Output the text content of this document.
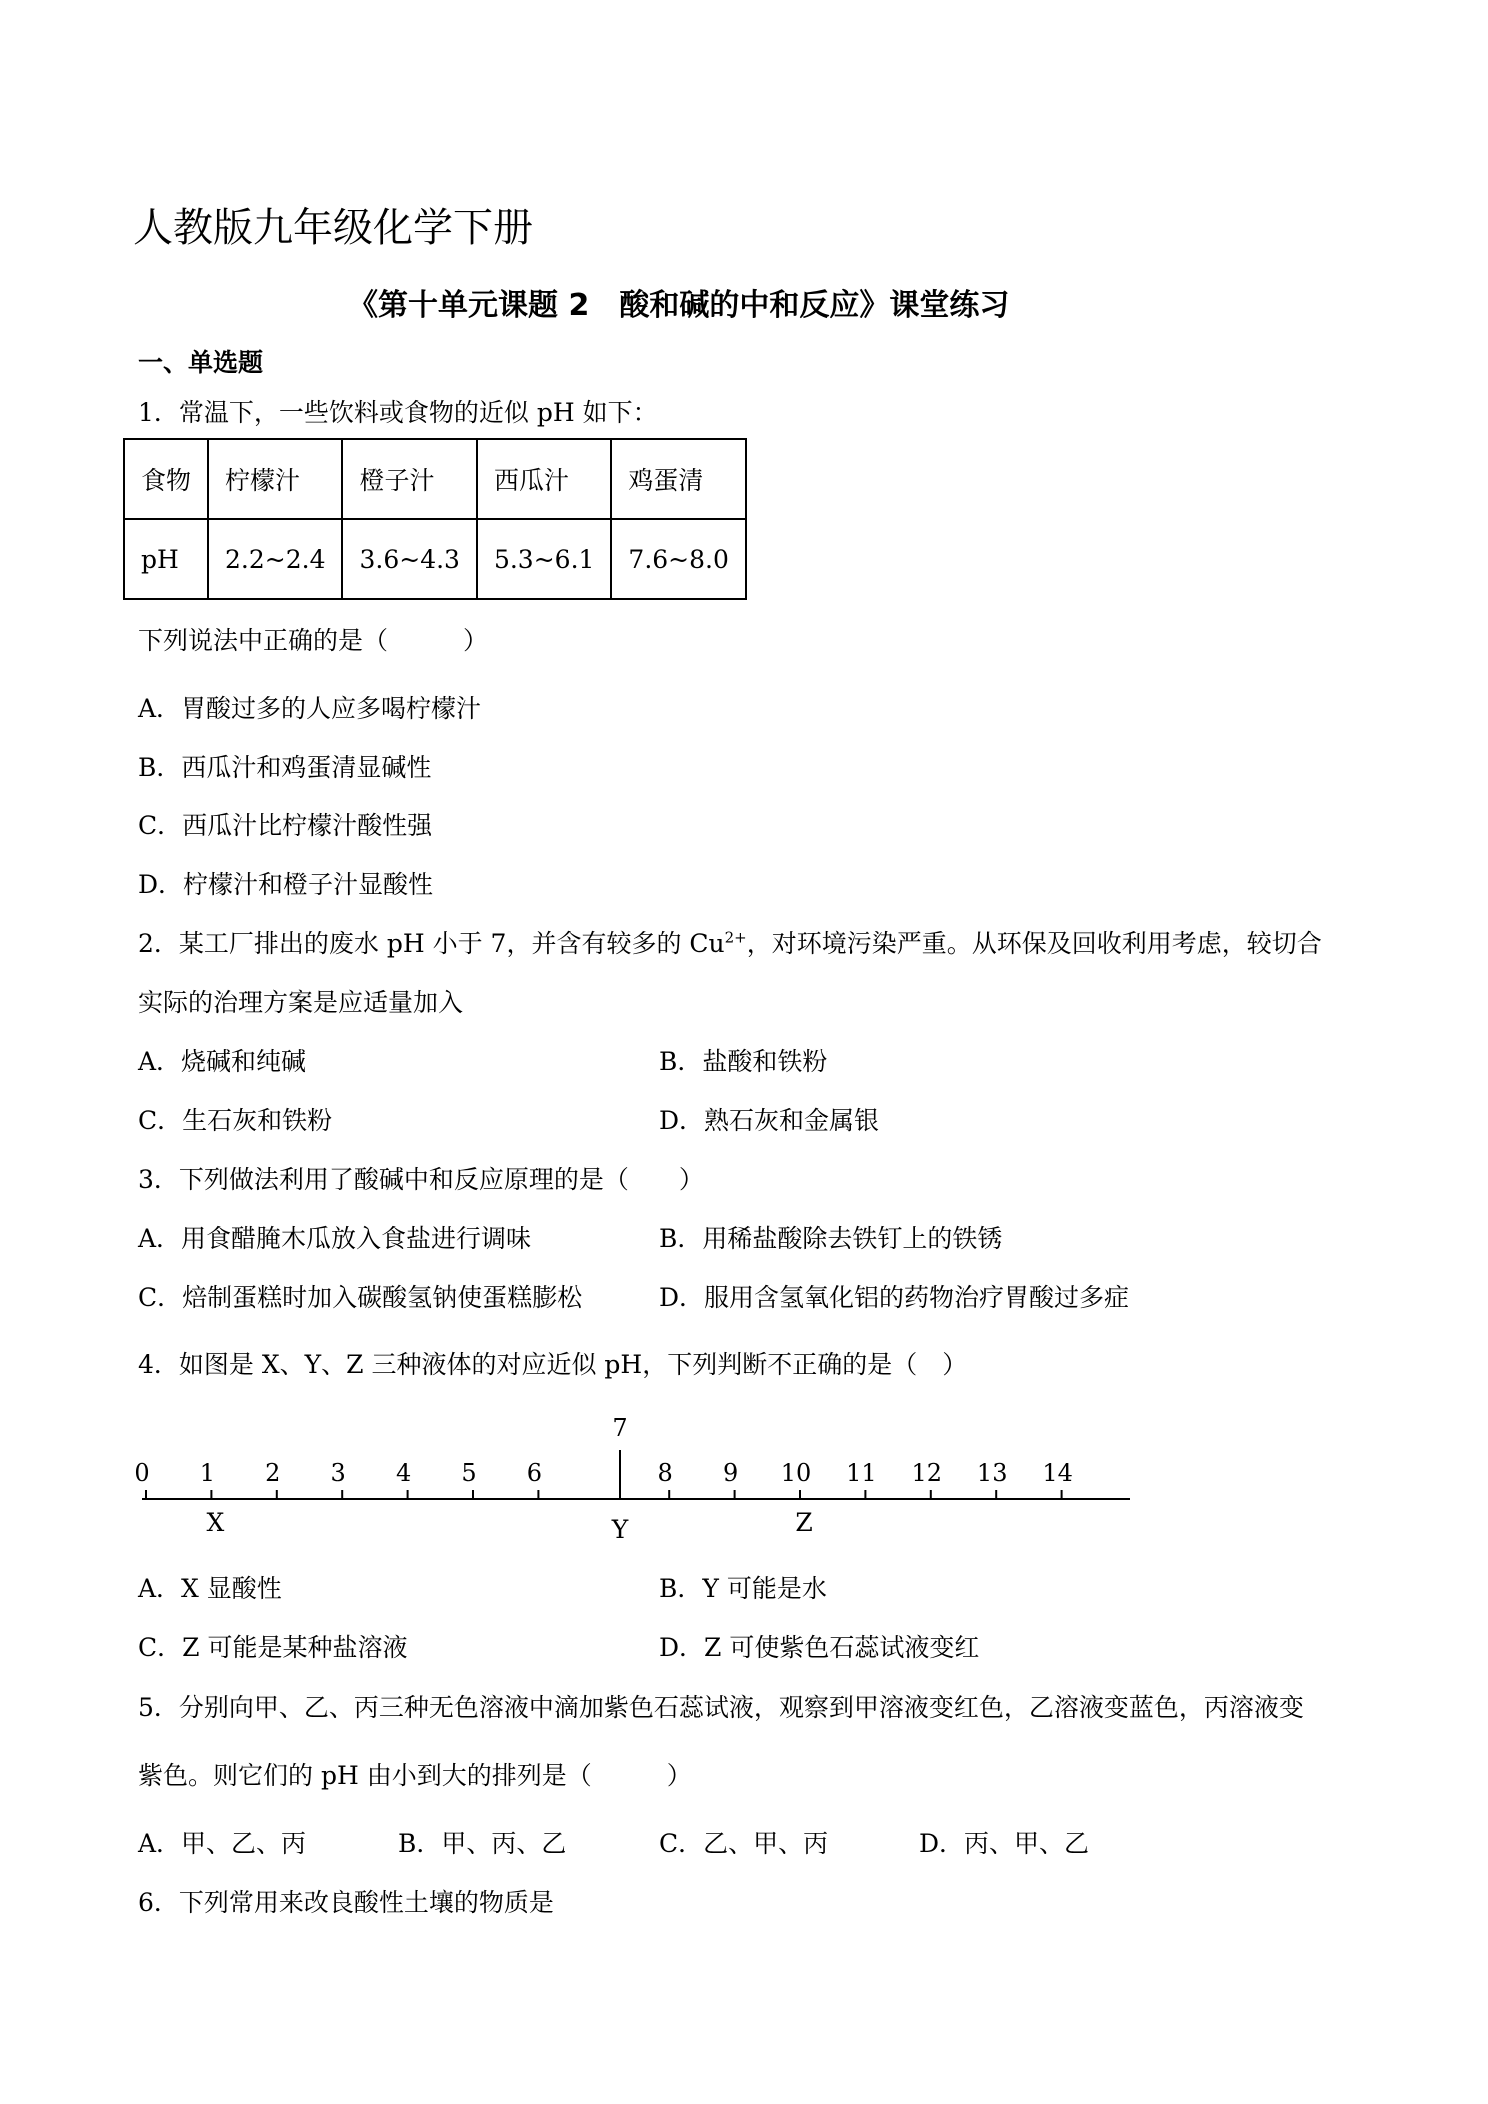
人教版九年级化学下册
《第十单元课题 2　酸和碱的中和反应》课堂练习
一、单选题
1．常温下，一些饮料或食物的近似 pH 如下：
食物	柠檬汁	橙子汁	西瓜汁	鸡蛋清
pH	2.2~2.4	3.6~4.3	5.3~6.1	7.6~8.0
下列说法中正确的是（　　　）
A．胃酸过多的人应多喝柠檬汁
B．西瓜汁和鸡蛋清显碱性
C．西瓜汁比柠檬汁酸性强
D．柠檬汁和橙子汁显酸性
2．某工厂排出的废水 pH 小于 7，并含有较多的 $Cu^{2+}$，对环境污染严重。从环保及回收利用考虑，较切合
实际的治理方案是应适量加入
A．烧碱和纯碱	B．盐酸和铁粉
C．生石灰和铁粉	D．熟石灰和金属银
3．下列做法利用了酸碱中和反应原理的是（　　）
A．用食醋腌木瓜放入食盐进行调味	B．用稀盐酸除去铁钉上的铁锈
C．焙制蛋糕时加入碳酸氢钠使蛋糕膨松	D．服用含氢氧化铝的药物治疗胃酸过多症
4．如图是 X、Y、Z 三种液体的对应近似 pH，下列判断不正确的是（　）
0 1 2 3 4 5 6
7
8 9 10 11 12 13 14
X	Y	Z
A．X 显酸性	B．Y 可能是水
C．Z 可能是某种盐溶液	D．Z 可使紫色石蕊试液变红
5．分别向甲、乙、丙三种无色溶液中滴加紫色石蕊试液，观察到甲溶液变红色，乙溶液变蓝色，丙溶液变
紫色。则它们的 pH 由小到大的排列是（　　　）
A．甲、乙、丙	B．甲、丙、乙	C．乙、甲、丙	D．丙、甲、乙
6．下列常用来改良酸性土壤的物质是
